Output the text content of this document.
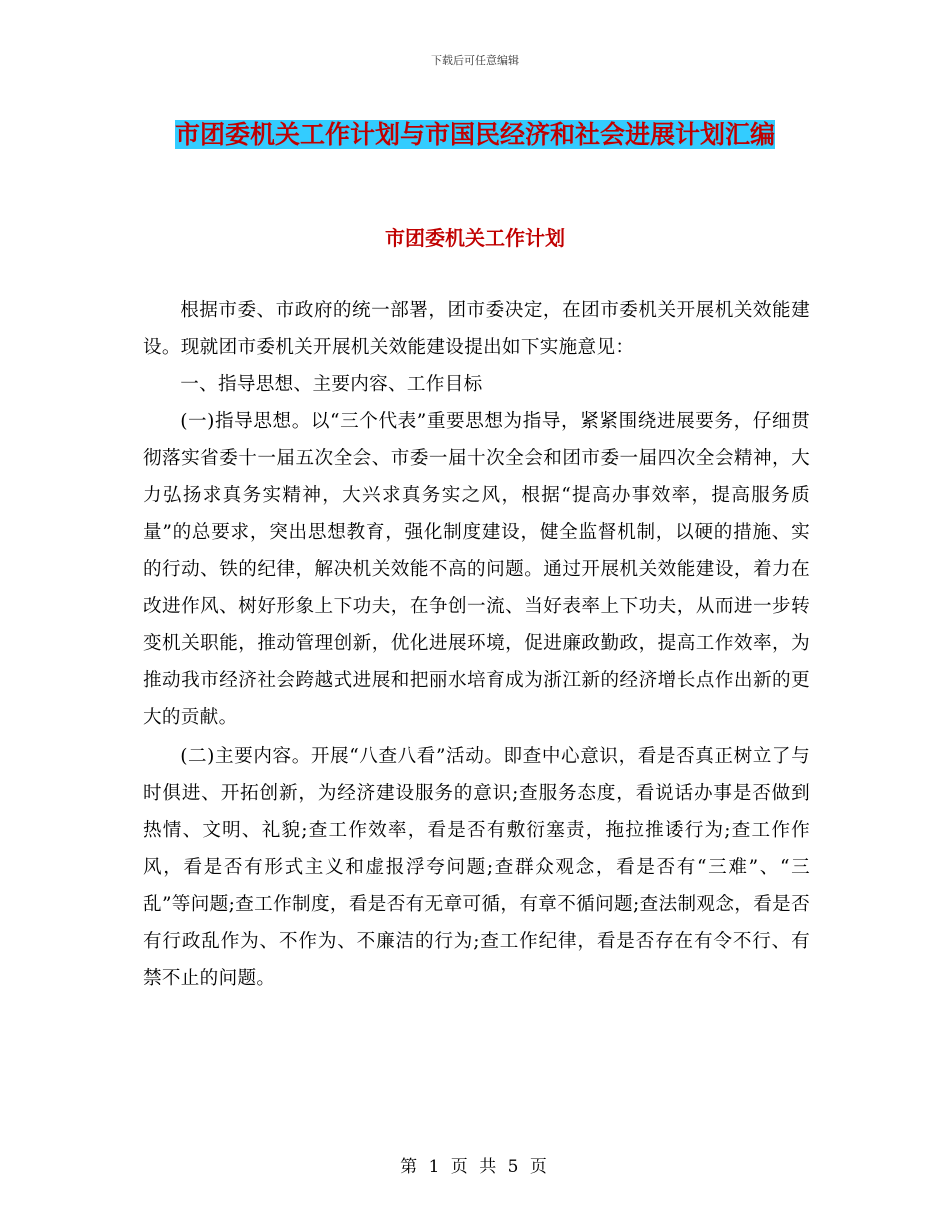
下载后可任意编辑
市团委机关工作计划与市国民经济和社会进展计划汇编
市团委机关工作计划

根据市委、市政府的统一部署，团市委决定，在团市委机关开展机关效能建设。现就团市委机关开展机关效能建设提出如下实施意见：

一、指导思想、主要内容、工作目标

(一)指导思想。以“三个代表”重要思想为指导，紧紧围绕进展要务，仔细贯彻落实省委十一届五次全会、市委一届十次全会和团市委一届四次全会精神，大力弘扬求真务实精神，大兴求真务实之风，根据“提高办事效率，提高服务质量”的总要求，突出思想教育，强化制度建设，健全监督机制，以硬的措施、实的行动、铁的纪律，解决机关效能不高的问题。通过开展机关效能建设，着力在改进作风、树好形象上下功夫，在争创一流、当好表率上下功夫，从而进一步转变机关职能，推动管理创新，优化进展环境，促进廉政勤政，提高工作效率，为推动我市经济社会跨越式进展和把丽水培育成为浙江新的经济增长点作出新的更大的贡献。

(二)主要内容。开展“八查八看”活动。即查中心意识，看是否真正树立了与时俱进、开拓创新，为经济建设服务的意识;查服务态度，看说话办事是否做到热情、文明、礼貌;查工作效率，看是否有敷衍塞责，拖拉推诿行为;查工作作风，看是否有形式主义和虚报浮夸问题;查群众观念，看是否有“三难”、“三乱”等问题;查工作制度，看是否有无章可循，有章不循问题;查法制观念，看是否有行政乱作为、不作为、不廉洁的行为;查工作纪律，看是否存在有令不行、有禁不止的问题。

第 1 页 共 5 页
